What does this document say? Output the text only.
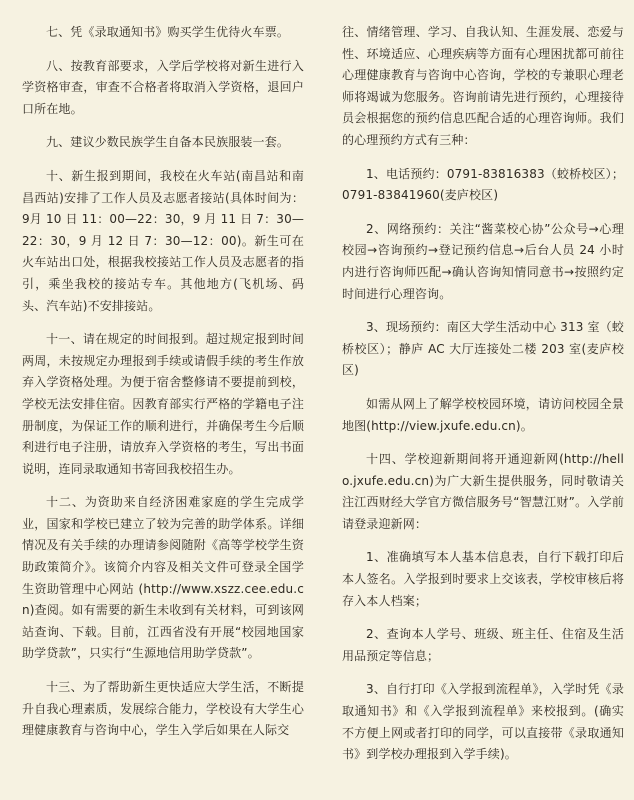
七、凭《录取通知书》购买学生优待火车票。

八、按教育部要求，入学后学校将对新生进行入学资格审查，审查不合格者将取消入学资格，退回户口所在地。

九、建议少数民族学生自备本民族服装一套。

十、新生报到期间，我校在火车站(南昌站和南昌西站)安排了工作人员及志愿者接站(具体时间为：9月 10 日 11：00—22：30，9 月 11 日 7：30—22：30，9 月 12 日 7：30—12：00)。新生可在火车站出口处，根据我校接站工作人员及志愿者的指引，乘坐我校的接站专车。其他地方(飞机场、码头、汽车站)不安排接站。

十一、请在规定的时间报到。超过规定报到时间两周，未按规定办理报到手续或请假手续的考生作放弃入学资格处理。为便于宿舍整修请不要提前到校，学校无法安排住宿。因教育部实行严格的学籍电子注册制度，为保证工作的顺利进行，并确保考生今后顺利进行电子注册，请放弃入学资格的考生，写出书面说明，连同录取通知书寄回我校招生办。

十二、为资助来自经济困难家庭的学生完成学业，国家和学校已建立了较为完善的助学体系。详细情况及有关手续的办理请参阅随附《高等学校学生资助政策简介》。该简介内容及相关文件可登录全国学生资助管理中心网站 (http://www.xszz.cee.edu.cn)查阅。如有需要的新生未收到有关材料，可到该网站查询、下载。目前，江西省没有开展“校园地国家助学贷款”，只实行“生源地信用助学贷款”。

十三、为了帮助新生更快适应大学生活，不断提升自我心理素质，发展综合能力，学校设有大学生心理健康教育与咨询中心，学生入学后如果在人际交

往、情绪管理、学习、自我认知、生涯发展、恋爱与性、环境适应、心理疾病等方面有心理困扰都可前往心理健康教育与咨询中心咨询，学校的专兼职心理老师将竭诚为您服务。咨询前请先进行预约，心理接待员会根据您的预约信息匹配合适的心理咨询师。我们的心理预约方式有三种：

1、电话预约：0791-83816383（蛟桥校区）；0791-83841960(麦庐校区)

2、网络预约：关注“酱菜校心协”公众号→心理校园→咨询预约→登记预约信息→后台人员 24 小时内进行咨询师匹配→确认咨询知情同意书→按照约定时间进行心理咨询。

3、现场预约：南区大学生活动中心 313 室（蛟桥校区）；静庐 AC 大厅连接处二楼 203 室(麦庐校区)

如需从网上了解学校校园环境，请访问校园全景地图(http://view.jxufe.edu.cn)。

十四、学校迎新期间将开通迎新网(http://hello.jxufe.edu.cn)为广大新生提供服务，同时敬请关注江西财经大学官方微信服务号“智慧江财”。入学前请登录迎新网：

1、准确填写本人基本信息表，自行下载打印后本人签名。入学报到时要求上交该表，学校审核后将存入本人档案；

2、查询本人学号、班级、班主任、住宿及生活用品预定等信息；

3、自行打印《入学报到流程单》，入学时凭《录取通知书》和《入学报到流程单》来校报到。(确实不方便上网或者打印的同学，可以直接带《录取通知书》到学校办理报到入学手续)。
